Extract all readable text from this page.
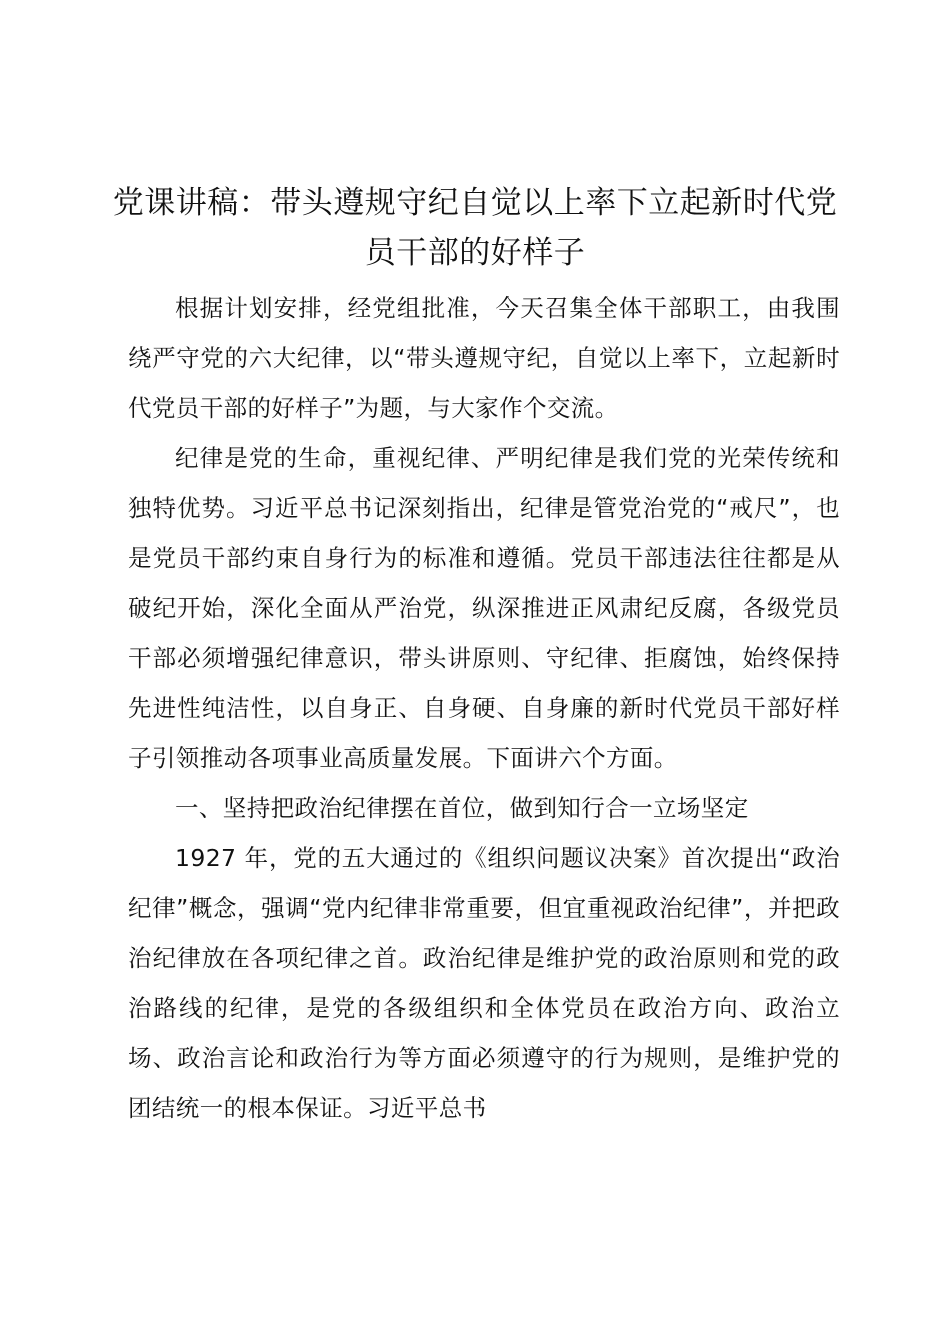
党课讲稿：带头遵规守纪自觉以上率下立起新时代党员干部的好样子

根据计划安排，经党组批准，今天召集全体干部职工，由我围绕严守党的六大纪律，以“带头遵规守纪，自觉以上率下，立起新时代党员干部的好样子”为题，与大家作个交流。

纪律是党的生命，重视纪律、严明纪律是我们党的光荣传统和独特优势。习近平总书记深刻指出，纪律是管党治党的“戒尺”，也是党员干部约束自身行为的标准和遵循。党员干部违法往往都是从破纪开始，深化全面从严治党，纵深推进正风肃纪反腐，各级党员干部必须增强纪律意识，带头讲原则、守纪律、拒腐蚀，始终保持先进性纯洁性，以自身正、自身硬、自身廉的新时代党员干部好样子引领推动各项事业高质量发展。下面讲六个方面。

一、坚持把政治纪律摆在首位，做到知行合一立场坚定

1927 年，党的五大通过的《组织问题议决案》首次提出“政治纪律”概念，强调“党内纪律非常重要，但宜重视政治纪律”，并把政治纪律放在各项纪律之首。政治纪律是维护党的政治原则和党的政治路线的纪律，是党的各级组织和全体党员在政治方向、政治立场、政治言论和政治行为等方面必须遵守的行为规则，是维护党的团结统一的根本保证。习近平总书
